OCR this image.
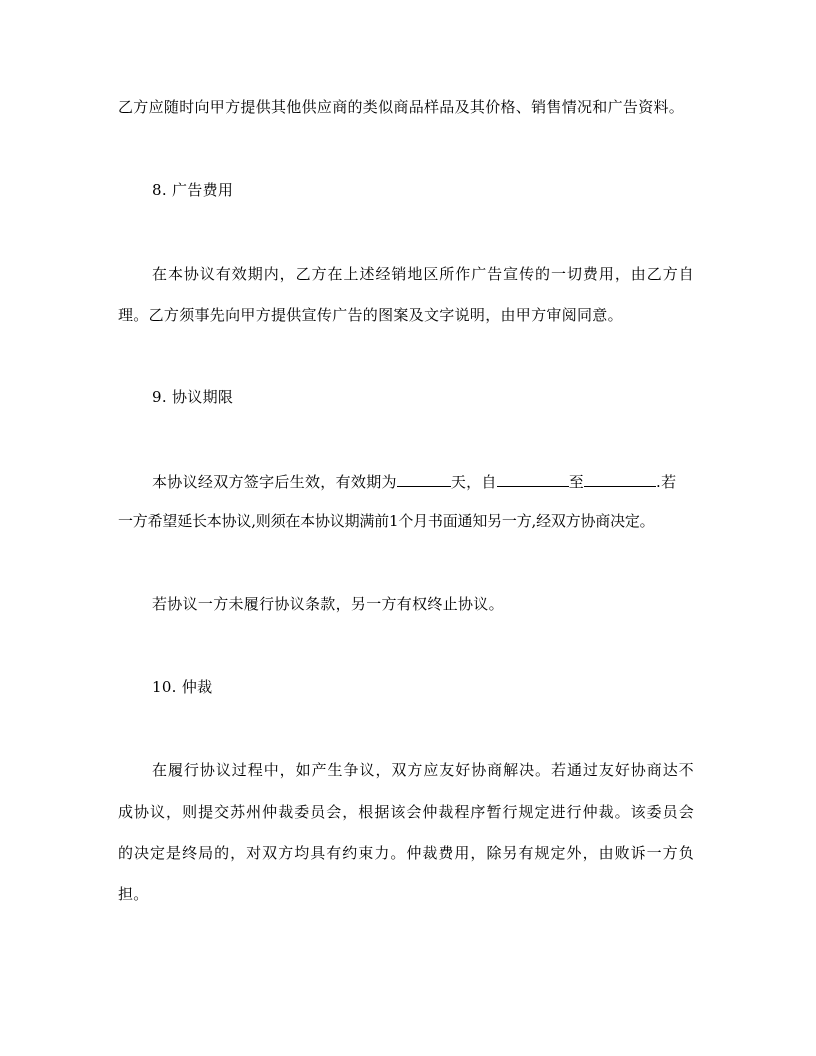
乙方应随时向甲方提供其他供应商的类似商品样品及其价格、销售情况和广告资料。
8. 广告费用
在本协议有效期内，乙方在上述经销地区所作广告宣传的一切费用，由乙方自
理。乙方须事先向甲方提供宣传广告的图案及文字说明，由甲方审阅同意。
9. 协议期限
本协议经双方签字后生效，有效期为	天，自	至	.若
一方希望延长本协议,则须在本协议期满前1个月书面通知另一方,经双方协商决定。
若协议一方未履行协议条款，另一方有权终止协议。
10. 仲裁
在履行协议过程中，如产生争议，双方应友好协商解决。若通过友好协商达不
成协议，则提交苏州仲裁委员会，根据该会仲裁程序暂行规定进行仲裁。该委员会
的决定是终局的，对双方均具有约束力。仲裁费用，除另有规定外，由败诉一方负
担。
